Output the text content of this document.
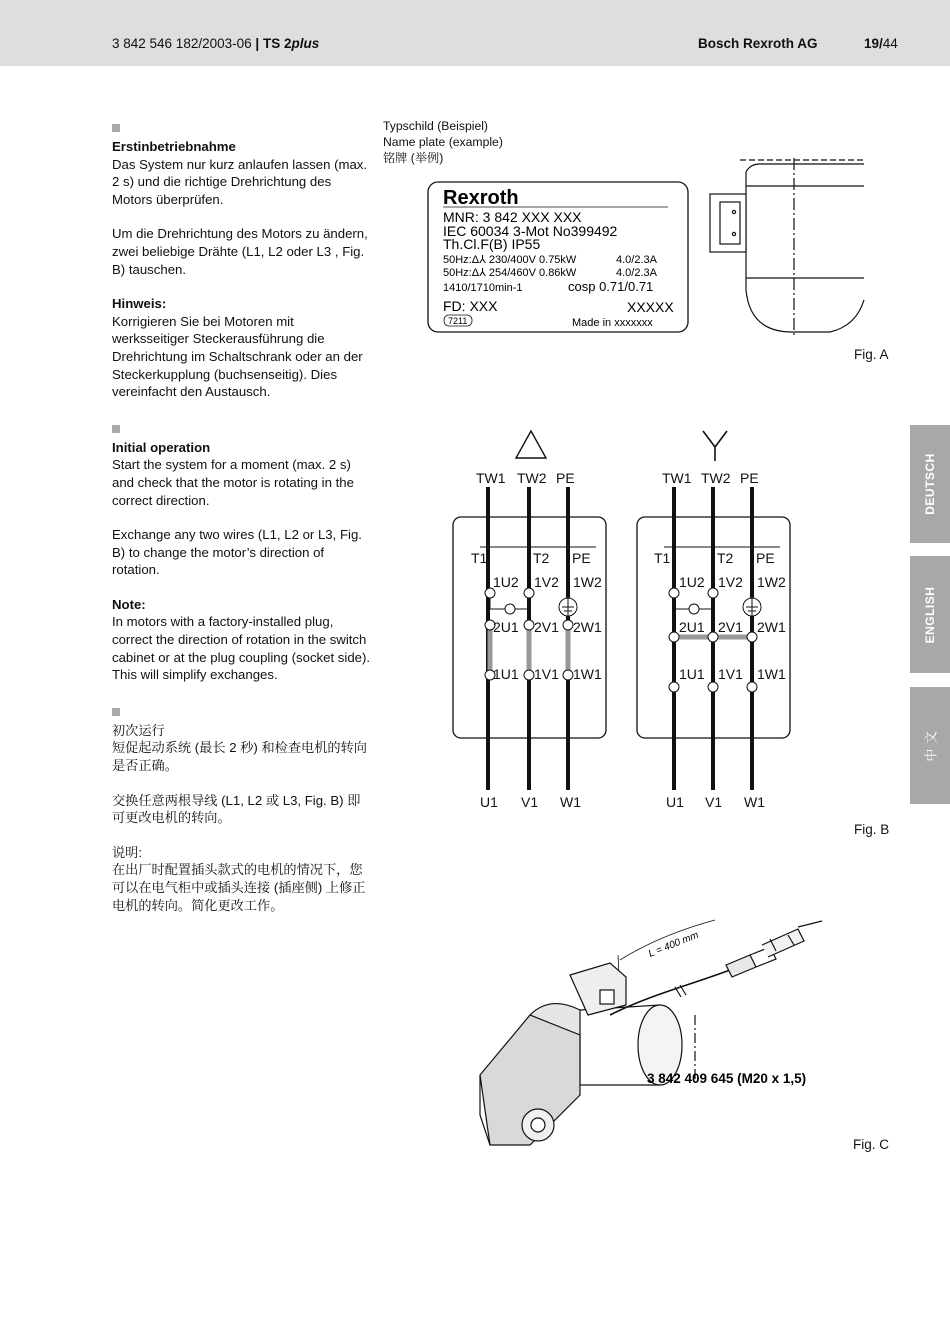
3 842 546 182/2003-06 | TS 2plus	Bosch Rexroth AG	19/44
Erstinbetriebnahme
Das System nur kurz anlaufen lassen (max. 2 s) und die richtige Drehrichtung des Motors überprüfen.
Um die Drehrichtung des Motors zu ändern, zwei beliebige Drähte (L1, L2 oder L3 , Fig. B) tauschen.
Hinweis:
Korrigieren Sie bei Motoren mit werksseitiger Steckerausführung die Drehrichtung im Schaltschrank oder an der Steckerkupplung (buchsenseitig). Dies vereinfacht den Austausch.
Initial operation
Start the system for a moment (max. 2 s) and check that the motor is rotating in the correct direction.
Exchange any two wires (L1, L2 or L3, Fig. B) to change the motor’s direction of rotation.
Note:
In motors with a factory-installed plug, correct the direction of rotation in the switch cabinet or at the plug coupling (socket side). This will simplify exchanges.
初次运行
短促起动系统 (最长 2 秒) 和检查电机的转向是否正确。
交换任意两根导线 (L1, L2 或 L3, Fig. B) 即可更改电机的转向。
说明:
在出厂时配置插头款式的电机的情况下，您可以在电气柜中或插头连接 (插座侧) 上修正电机的转向。简化更改工作。
Typschild (Beispiel)
Name plate (example)
铭牌 (举例)
Rexroth
MNR: 3 842 XXX XXX
IEC 60034 3-Mot No399492
Th.Cl.F(B) IP55
50Hz:Δ⅄ 230/400V 0.75kW	4.0/2.3A
50Hz:Δ⅄ 254/460V 0.86kW	4.0/2.3A
1410/1710min-1	cosp 0.71/0.71
FD: XXX	XXXXX
7211	Made in xxxxxxx
Fig. A
TW1 TW2 PE
T1	T2 PE
1U2 1V2 1W2
2U1 2V1 2W1
1U1 1V1 1W1
U1 V1 W1
TW1 TW2 PE
T1	T2 PE
1U2 1V2 1W2
2U1 2V1 2W1
1U1 1V1 1W1
U1 V1 W1
Fig. B
L = 400 mm
3 842 409 645 (M20 x 1,5)
Fig. C
DEUTSCH
ENGLISH
中 文
